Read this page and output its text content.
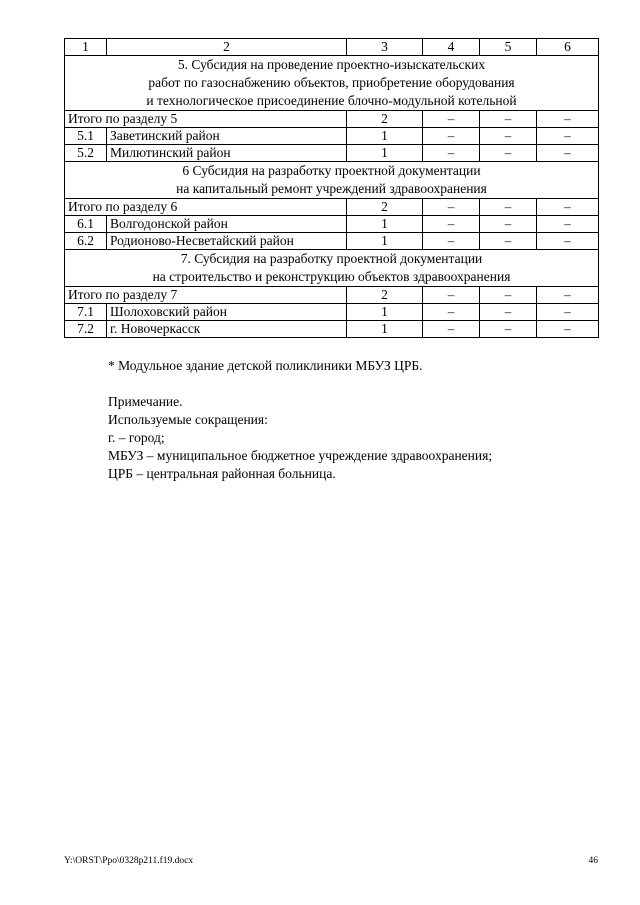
1	2	3	4	5	6

5. Субсидия на проведение проектно-изыскательских
работ по газоснабжению объектов, приобретение оборудования
и технологическое присоединение блочно-модульной котельной					

Итого по разделу 5		2	–	–	–
5.1	Заветинский район	1	–	–	–
5.2	Милютинский район	1	–	–	–

6 Субсидия на разработку проектной документации
на капитальный ремонт учреждений здравоохранения					

Итого по разделу 6		2	–	–	–
6.1	Волгодонской район	1	–	–	–
6.2	Родионово-Несветайский район	1	–	–	–

7. Субсидия на разработку проектной документации
на строительство и реконструкцию объектов здравоохранения					

Итого по разделу 7		2	–	–	–
7.1	Шолоховский район	1	–	–	–
7.2	г. Новочеркасск	1	–	–	–

* Модульное здание детской поликлиники МБУЗ ЦРБ.

Примечание.

Используемые сокращения:

г. – город;

МБУЗ – муниципальное бюджетное учреждение здравоохранения;

ЦРБ – центральная районная больница.

Y:\ORST\Ppo\0328p211.f19.docx	46
